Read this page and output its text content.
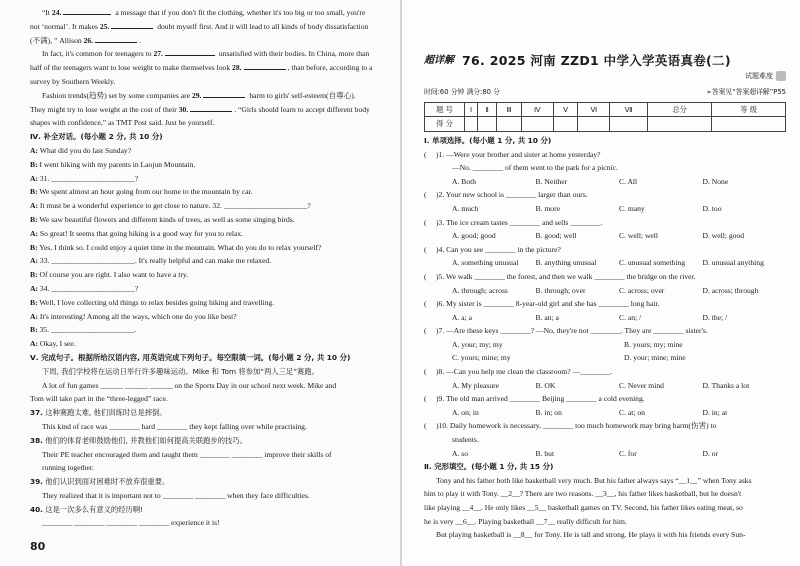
“It 24.	a message that if you don't fit the clothing, whether it's too big or too small, you're

not ‘normal’. It makes 25.	doubt myself first. And it will lead to all kinds of body dissatisfaction

(不满), ” Allison 26.	.

In fact, it's common for teenagers to 27.	unsatisfied with their bodies. In China, more than

half of the teenagers want to lose weight to make themselves look 28.	, than before, according to a

survey by Southern Weekly.

Fashion trends(趋势) set by some companies are 29.	harm to girls' self-esteem(自尊心).

They might try to lose weight at the cost of their 30.	. “Girls should learn to accept different body

shapes with confidence,” as TMT Post said. Just be yourself.

Ⅳ. 补全对话。(每小题 2 分, 共 10 分)

A: What did you do last Sunday?

B: I went hiking with my parents in Laojun Mountain.

A: 31. ______________________?

B: We spent almost an hour going from our home to the mountain by car.

A: It must be a wonderful experience to get close to nature. 32. ______________________?

B: We saw beautiful flowers and different kinds of trees, as well as some singing birds.

A: So great! It seems that going hiking is a good way for you to relax.

B: Yes, I think so. I could enjoy a quiet time in the mountain. What do you do to relax yourself?

A: 33. ______________________. It's really helpful and can make me relaxed.

B: Of course you are right. I also want to have a try.

A: 34. ______________________?

B: Well, I love collecting old things to relax besides going hiking and travelling.

A: It's interesting! Among all the ways, which one do you like best?

B: 35. ______________________.

A: Okay, I see.

Ⅴ. 完成句子。根据所给汉语内容, 用英语完成下列句子。每空限填一词。(每小题 2 分, 共 10 分)

下周, 我们学校将在运动日举行许多趣味运动。Mike 和 Tom 将参加“两人三足”赛跑。

A lot of fun games ______ ______ ______ on the Sports Day in our school next week. Mike and

Tom will take part in the “three-legged” race.

37. 这种赛跑太难, 他们训练时总是摔倒。

This kind of race was ________ hard ________ they kept falling over while practising.

38. 他们的体育老师鼓励他们, 并教他们如何提高关联跑步的技巧。

Their PE teacher encouraged them and taught them ________ ________ improve their skills of

running together.

39. 他们认识到面对困难时不放弃很重要。

They realized that it is important not to ________ ________ when they face difficulties.

40. 这是一次多么有意义的经历啊!

________ ________ ________ ________ experience it is!

80
超详解 76. 2025 河南 ZZD1 中学入学英语真卷(二)
试题难度
时间:60 分钟 满分:80 分	➢答案见“答案超详解”P55
题 号	Ⅰ	Ⅱ	Ⅲ	Ⅳ	Ⅴ	Ⅵ	Ⅶ	总分	等 级
得 分									

Ⅰ. 单项选择。(每小题 1 分, 共 10 分)

(     )1. —Were your brother and sister at home yesterday?

—No. ________ of them went to the park for a picnic.

A. Both	B. Neither	C. All	D. None

(     )2. Your new school is ________ larger than ours.

A. much	B. more	C. many	D. too

(     )3. The ice cream tastes ________ and sells ________.

A. good; good	B. good; well	C. well; well	D. well; good

(     )4. Can you see ________ in the picture?

A. something unusual	B. anything unusual	C. unusual something	D. unusual anything

(     )5. We walk ________ the forest, and then we walk ________ the bridge on the river.

A. through; across	B. through; over	C. across; over	D. across; through

(     )6. My sister is ________ 8-year-old girl and she has ________ long hair.

A. a; a	B. an; a	C. an; /	D. the; /

(     )7. —Are these keys ________? —No, they're not ________. They are ________ sister's.

A. your; my; my	B. yours; my; mine
C. yours; mine; my	D. your; mine; mine

(     )8. —Can you help me clean the classroom? —________.

A. My pleasure	B. OK	C. Never mind	D. Thanks a lot

(     )9. The old man arrived ________ Beijing ________ a cold evening.

A. on; in	B. in; on	C. at; on	D. in; at

(     )10. Daily homework is necessary, ________ too much homework may bring harm(伤害) to

students.

A. so	B. but	C. for	D. or

Ⅱ. 完形填空。(每小题 1 分, 共 15 分)

Tony and his father both like basketball very much. But his father always says “__1__” when Tony asks

him to play it with Tony. __2__? There are two reasons. __3__, his father likes basketball, but he doesn't

like playing __4__. He only likes __5__ basketball games on TV. Second, his father likes eating meat, so

he is very __6__. Playing basketball __7__ really difficult for him.

But playing basketball is __8__ for Tony. He is tall and strong. He plays it with his friends every Sun-
